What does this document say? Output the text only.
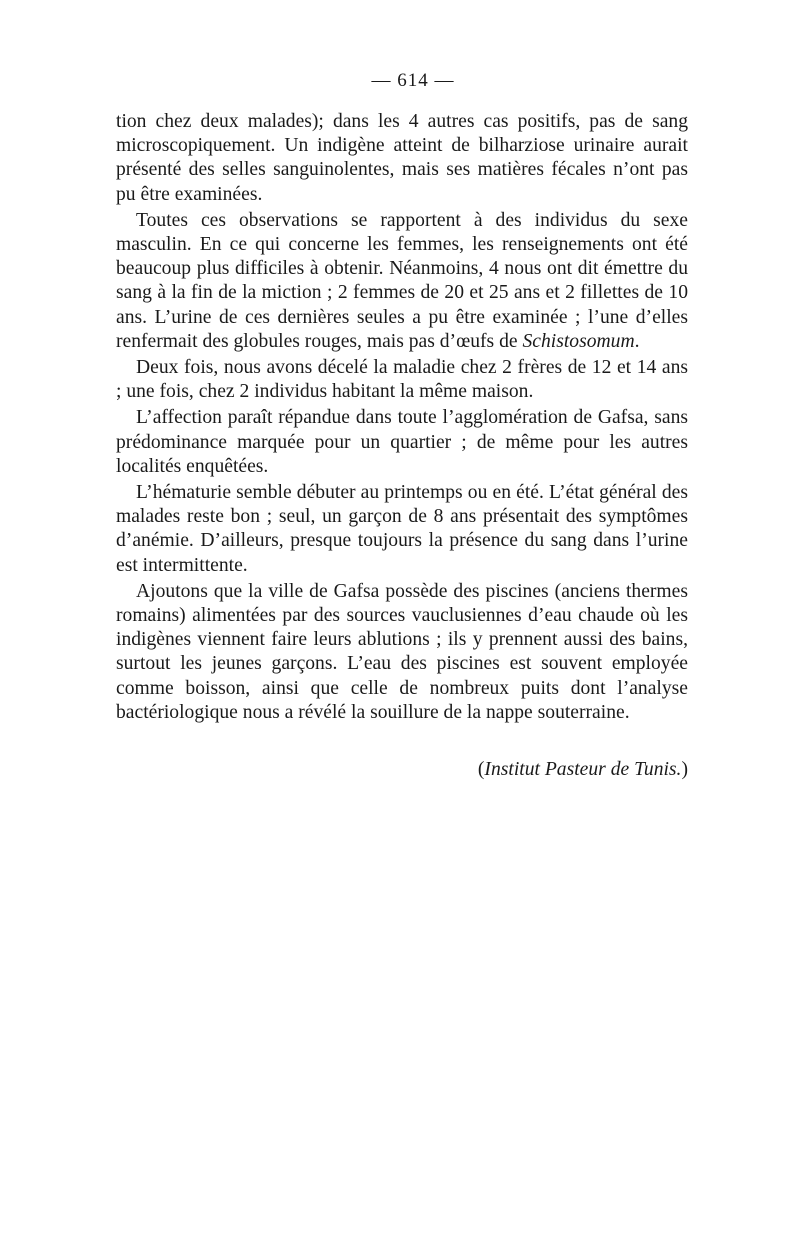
— 614 —

tion chez deux malades); dans les 4 autres cas positifs, pas de sang microscopiquement. Un indigène atteint de bilharziose urinaire aurait présenté des selles sanguinolentes, mais ses matières fécales n’ont pas pu être examinées.

Toutes ces observations se rapportent à des individus du sexe masculin. En ce qui concerne les femmes, les renseignements ont été beaucoup plus difficiles à obtenir. Néanmoins, 4 nous ont dit émettre du sang à la fin de la miction ; 2 femmes de 20 et 25 ans et 2 fillettes de 10 ans. L’urine de ces dernières seules a pu être examinée ; l’une d’elles renfermait des globules rouges, mais pas d’œufs de Schistosomum.

Deux fois, nous avons décelé la maladie chez 2 frères de 12 et 14 ans ; une fois, chez 2 individus habitant la même maison.

L’affection paraît répandue dans toute l’agglomération de Gafsa, sans prédominance marquée pour un quartier ; de même pour les autres localités enquêtées.

L’hématurie semble débuter au printemps ou en été. L’état général des malades reste bon ; seul, un garçon de 8 ans présentait des symptômes d’anémie. D’ailleurs, presque toujours la présence du sang dans l’urine est intermittente.

Ajoutons que la ville de Gafsa possède des piscines (anciens thermes romains) alimentées par des sources vauclusiennes d’eau chaude où les indigènes viennent faire leurs ablutions ; ils y prennent aussi des bains, surtout les jeunes garçons. L’eau des piscines est souvent employée comme boisson, ainsi que celle de nombreux puits dont l’analyse bactériologique nous a révélé la souillure de la nappe souterraine.

(Institut Pasteur de Tunis.)
